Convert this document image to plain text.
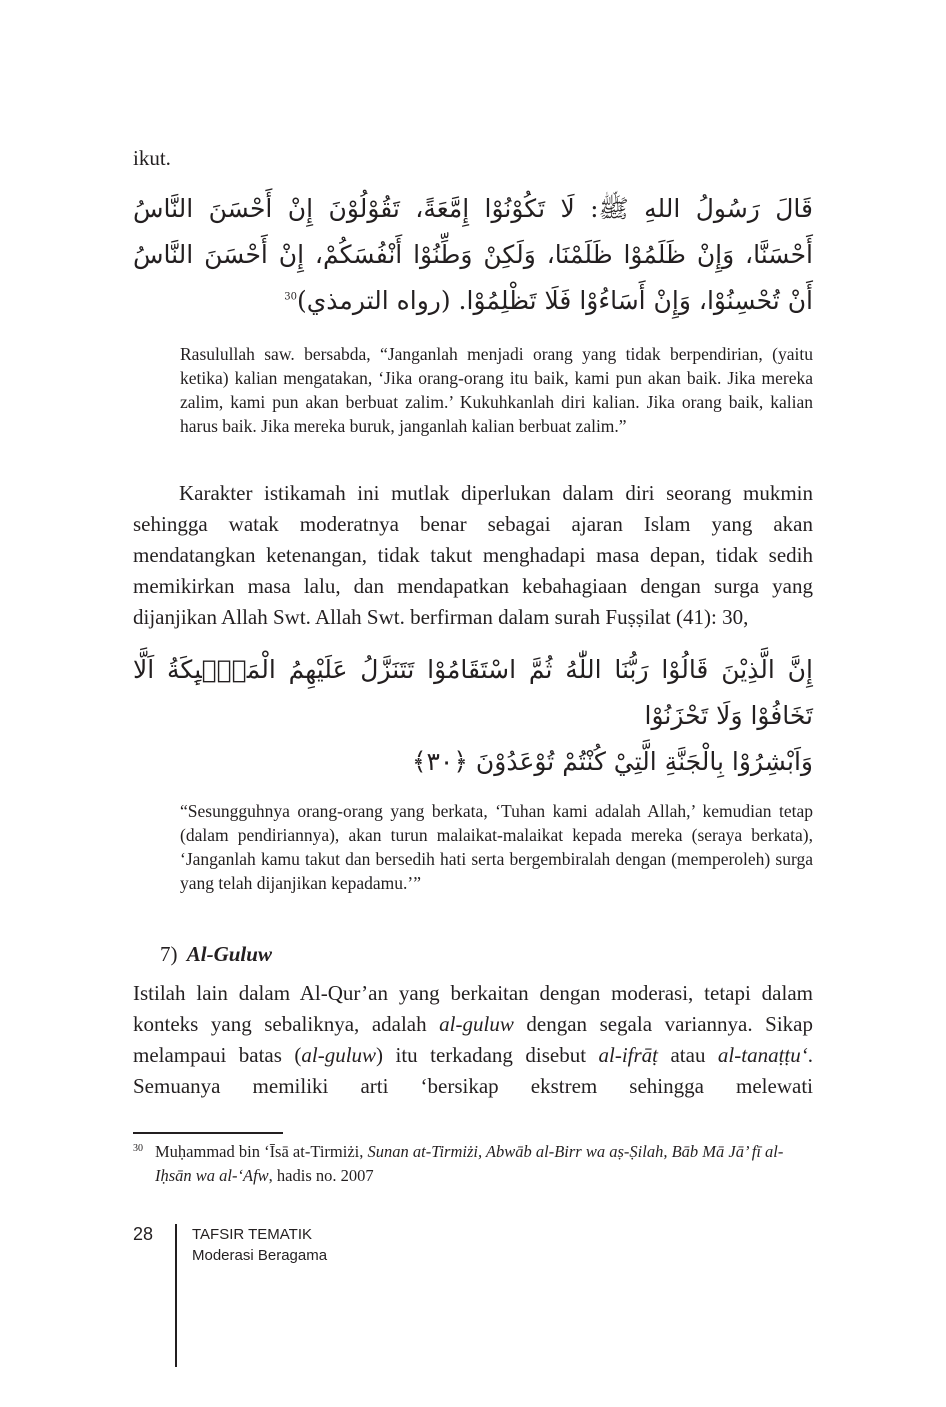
ikut.
قَالَ رَسُولُ اللهِ ﷺ: لَا تَكُوْنُوْا إِمَّعَةً، تَقُوْلُوْنَ إِنْ أَحْسَنَ النَّاسُ أَحْسَنَّا، وَإِنْ ظَلَمُوْا ظَلَمْنَا، وَلَكِنْ وَطِّنُوْا أَنْفُسَكُمْ، إِنْ أَحْسَنَ النَّاسُ أَنْ تُحْسِنُوْا، وَإِنْ أَسَاءُوْا فَلَا تَظْلِمُوْا. (رواه الترمذي)$^{30}$
Rasulullah saw. bersabda, “Janganlah menjadi orang yang tidak berpendirian, (yaitu ketika) kalian mengatakan, ‘Jika orang-orang itu baik, kami pun akan baik. Jika mereka zalim, kami pun akan berbuat zalim.’ Kukuhkanlah diri kalian. Jika orang baik, kalian harus baik. Jika mereka buruk, janganlah kalian berbuat zalim.”
Karakter istikamah ini mutlak diperlukan dalam diri seorang mukmin sehingga watak moderatnya benar sebagai ajaran Islam yang akan mendatangkan ketenangan, tidak takut menghadapi masa depan, tidak sedih memikirkan masa lalu, dan mendapatkan kebahagiaan dengan surga yang dijanjikan Allah Swt. Allah Swt. berfirman dalam surah Fuṣṣilat (41): 30,
إِنَّ الَّذِيْنَ قَالُوْا رَبُّنَا اللّٰهُ ثُمَّ اسْتَقَامُوْا تَتَنَزَّلُ عَلَيْهِمُ الْمَلٰۤىِٕكَةُ اَلَّا تَخَافُوْا وَلَا تَحْزَنُوْا
وَاَبْشِرُوْا بِالْجَنَّةِ الَّتِيْ كُنْتُمْ تُوْعَدُوْنَ ﴿٣٠﴾
“Sesungguhnya orang-orang yang berkata, ‘Tuhan kami adalah Allah,’ kemudian tetap (dalam pendiriannya), akan turun malaikat-malaikat kepada mereka (seraya berkata), ‘Janganlah kamu takut dan bersedih hati serta bergembiralah dengan (memperoleh) surga yang telah dijanjikan kepadamu.’”
7) Al-Guluw
Istilah lain dalam Al-Qur’an yang berkaitan dengan moderasi, tetapi dalam konteks yang sebaliknya, adalah al-guluw dengan segala variannya. Sikap melampaui batas (al-guluw) itu terkadang disebut al-ifrāṭ atau al-tanaṭṭu‘. Semuanya memiliki arti ‘bersikap ekstrem sehingga melewati
$^{30}$ Muḥammad bin ‘Īsā at-Tirmiżi, Sunan at-Tirmiżi, Abwāb al-Birr wa aṣ-Ṣilah, Bāb Mā Jā’ fī al-Iḥsān wa al-‘Afw, hadis no. 2007
28	TAFSIR TEMATIK
Moderasi Beragama
